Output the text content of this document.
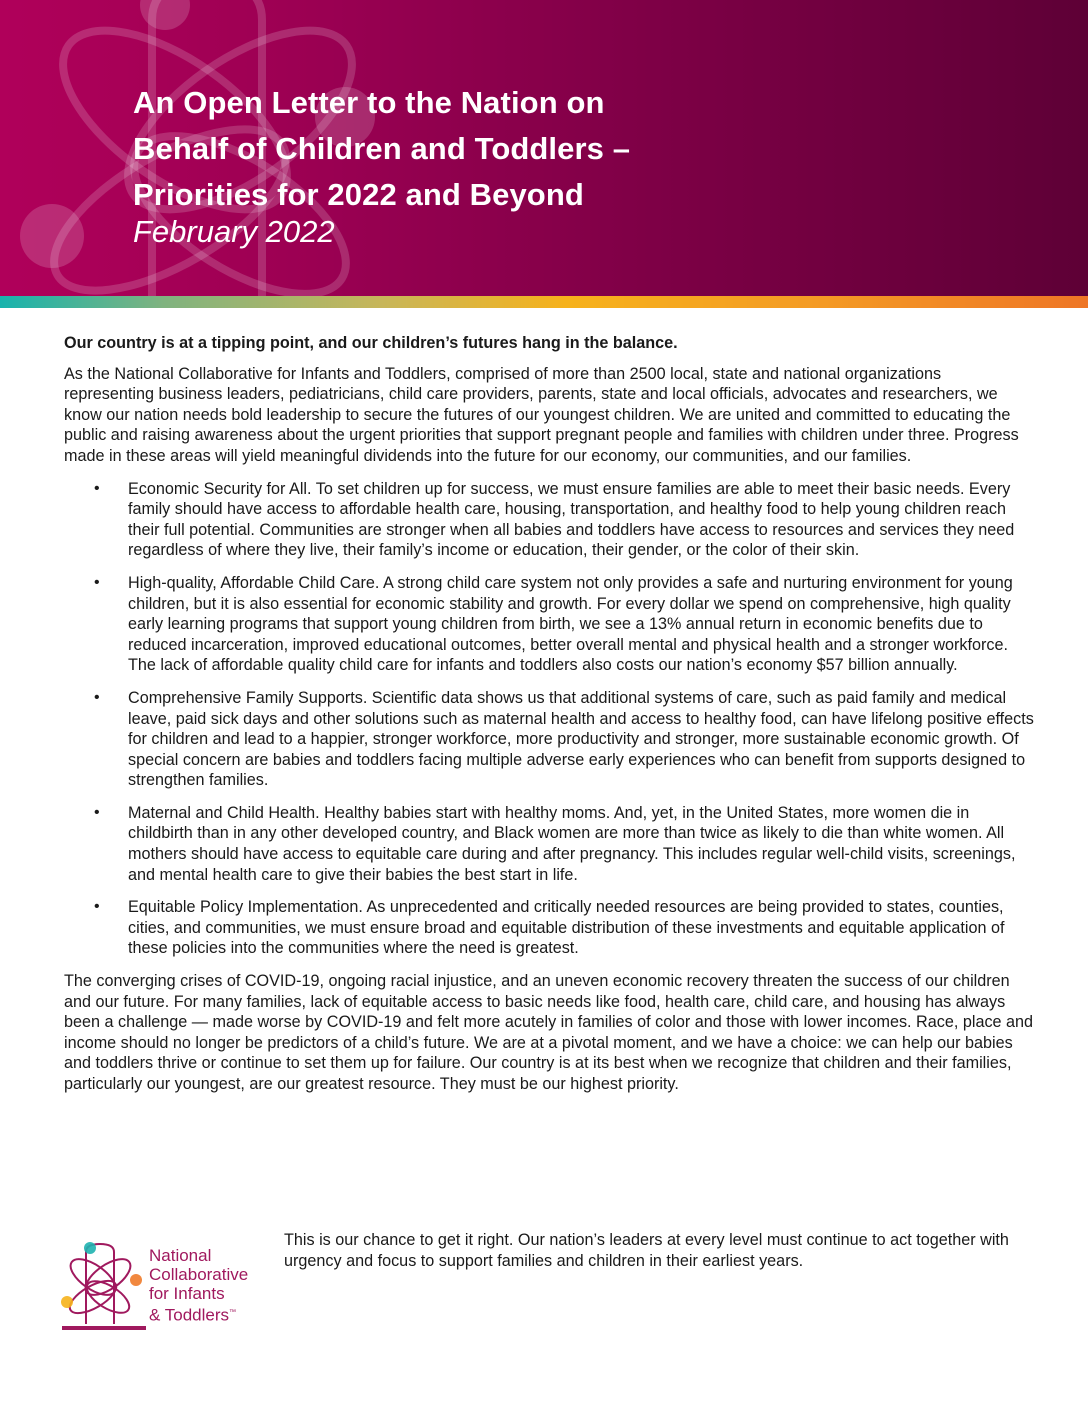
An Open Letter to the Nation on
Behalf of Children and Toddlers –
Priorities for 2022 and Beyond
February 2022

Our country is at a tipping point, and our children’s futures hang in the balance.

As the National Collaborative for Infants and Toddlers, comprised of more than 2500 local, state and national organizations representing business leaders, pediatricians, child care providers, parents, state and local officials, advocates and researchers, we know our nation needs bold leadership to secure the futures of our youngest children. We are united and committed to educating the public and raising awareness about the urgent priorities that support pregnant people and families with children under three. Progress made in these areas will yield meaningful dividends into the future for our economy, our communities, and our families.

• Economic Security for All. To set children up for success, we must ensure families are able to meet their basic needs. Every family should have access to affordable health care, housing, transportation, and healthy food to help young children reach their full potential. Communities are stronger when all babies and toddlers have access to resources and services they need regardless of where they live, their family’s income or education, their gender, or the color of their skin.
• High-quality, Affordable Child Care. A strong child care system not only provides a safe and nurturing environment for young children, but it is also essential for economic stability and growth. For every dollar we spend on comprehensive, high quality early learning programs that support young children from birth, we see a 13% annual return in economic benefits due to reduced incarceration, improved educational outcomes, better overall mental and physical health and a stronger workforce. The lack of affordable quality child care for infants and toddlers also costs our nation’s economy $57 billion annually.
• Comprehensive Family Supports. Scientific data shows us that additional systems of care, such as paid family and medical leave, paid sick days and other solutions such as maternal health and access to healthy food, can have lifelong positive effects for children and lead to a happier, stronger workforce, more productivity and stronger, more sustainable economic growth. Of special concern are babies and toddlers facing multiple adverse early experiences who can benefit from supports designed to strengthen families.
• Maternal and Child Health. Healthy babies start with healthy moms. And, yet, in the United States, more women die in childbirth than in any other developed country, and Black women are more than twice as likely to die than white women. All mothers should have access to equitable care during and after pregnancy. This includes regular well-child visits, screenings, and mental health care to give their babies the best start in life.
• Equitable Policy Implementation. As unprecedented and critically needed resources are being provided to states, counties, cities, and communities, we must ensure broad and equitable distribution of these investments and equitable application of these policies into the communities where the need is greatest.

The converging crises of COVID-19, ongoing racial injustice, and an uneven economic recovery threaten the success of our children and our future. For many families, lack of equitable access to basic needs like food, health care, child care, and housing has always been a challenge — made worse by COVID-19 and felt more acutely in families of color and those with lower incomes. Race, place and income should no longer be predictors of a child’s future. We are at a pivotal moment, and we have a choice: we can help our babies and toddlers thrive or continue to set them up for failure. Our country is at its best when we recognize that children and their families, particularly our youngest, are our greatest resource. They must be our highest priority.

National
Collaborative
for Infants
& Toddlers™

This is our chance to get it right. Our nation’s leaders at every level must continue to act together with urgency and focus to support families and children in their earliest years.
